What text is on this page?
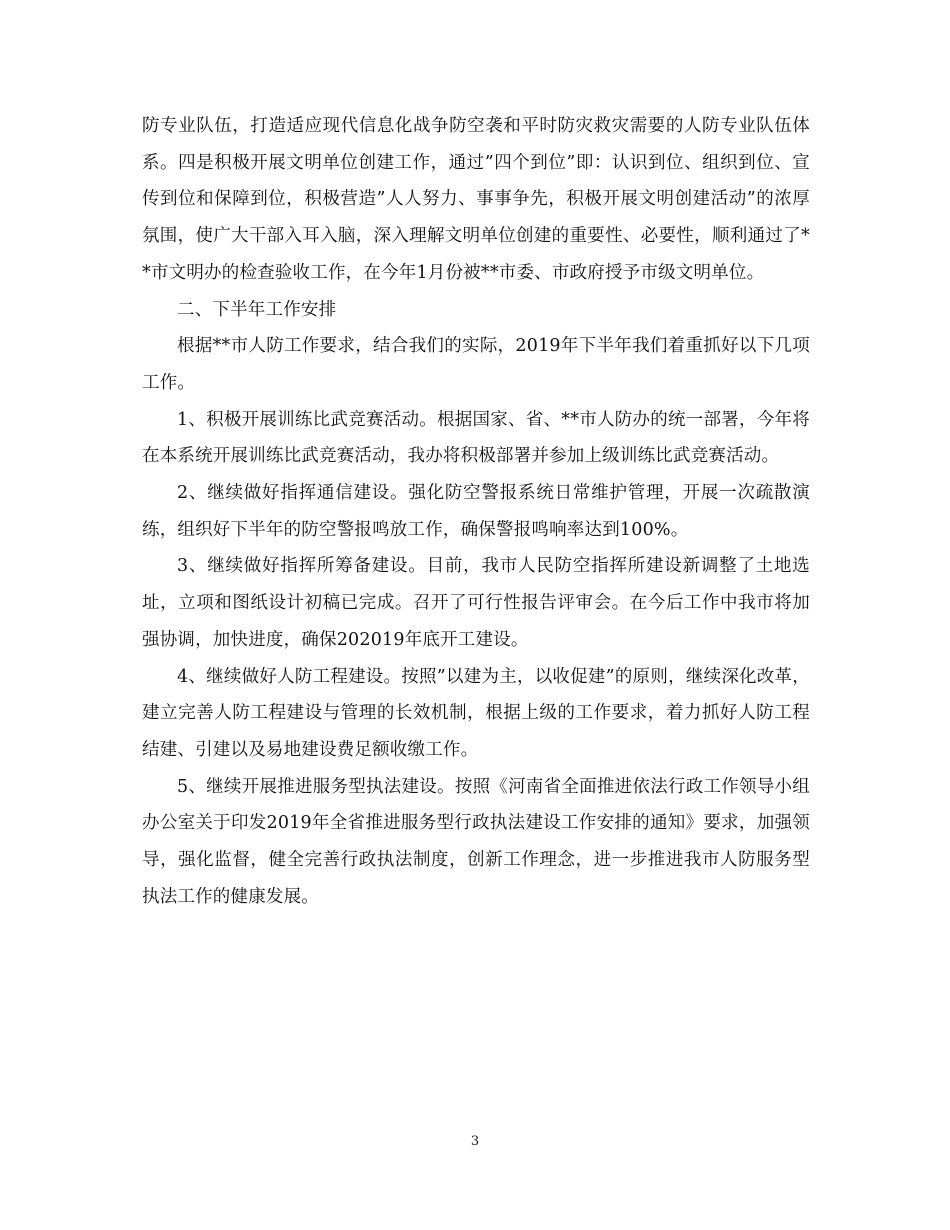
防专业队伍，打造适应现代信息化战争防空袭和平时防灾救灾需要的人防专业队伍体系。四是积极开展文明单位创建工作，通过”四个到位”即：认识到位、组织到位、宣传到位和保障到位，积极营造”人人努力、事事争先，积极开展文明创建活动”的浓厚氛围，使广大干部入耳入脑，深入理解文明单位创建的重要性、必要性，顺利通过了**市文明办的检查验收工作，在今年1月份被**市委、市政府授予市级文明单位。

二、下半年工作安排

根据**市人防工作要求，结合我们的实际，2019年下半年我们着重抓好以下几项工作。

1、积极开展训练比武竞赛活动。根据国家、省、**市人防办的统一部署，今年将在本系统开展训练比武竞赛活动，我办将积极部署并参加上级训练比武竞赛活动。

2、继续做好指挥通信建设。强化防空警报系统日常维护管理，开展一次疏散演练，组织好下半年的防空警报鸣放工作，确保警报鸣响率达到100%。

3、继续做好指挥所筹备建设。目前，我市人民防空指挥所建设新调整了土地选址，立项和图纸设计初稿已完成。召开了可行性报告评审会。在今后工作中我市将加强协调，加快进度，确保202019年底开工建设。

4、继续做好人防工程建设。按照”以建为主，以收促建”的原则，继续深化改革，建立完善人防工程建设与管理的长效机制，根据上级的工作要求，着力抓好人防工程结建、引建以及易地建设费足额收缴工作。

5、继续开展推进服务型执法建设。按照《河南省全面推进依法行政工作领导小组办公室关于印发2019年全省推进服务型行政执法建设工作安排的通知》要求，加强领导，强化监督，健全完善行政执法制度，创新工作理念，进一步推进我市人防服务型执法工作的健康发展。

3
